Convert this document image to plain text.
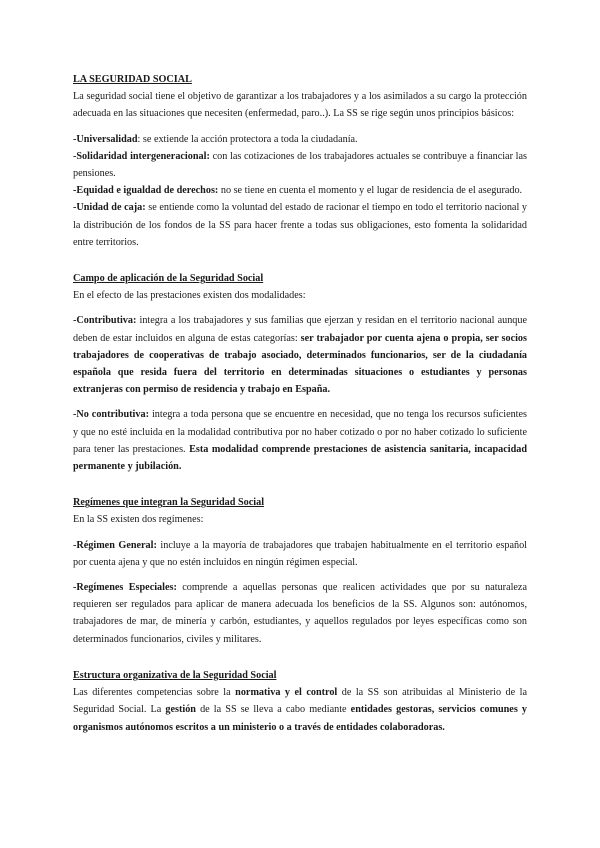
LA SEGURIDAD SOCIAL

La seguridad social tiene el objetivo de garantizar a los trabajadores y a los asimilados a su cargo la protección adecuada en las situaciones que necesiten (enfermedad, paro..). La SS se rige según unos principios básicos:

-Universalidad: se extiende la acción protectora a toda la ciudadanía.

-Solidaridad intergeneracional: con las cotizaciones de los trabajadores actuales se contribuye a financiar las pensiones.

-Equidad e igualdad de derechos: no se tiene en cuenta el momento y el lugar de residencia de el asegurado.

-Unidad de caja: se entiende como la voluntad del estado de racionar el tiempo en todo el territorio nacional y la distribución de los fondos de la SS para hacer frente a todas sus obligaciones, esto fomenta la solidaridad entre territorios.

Campo de aplicación de la Seguridad Social

En el efecto de las prestaciones existen dos modalidades:

-Contributiva: integra a los trabajadores y sus familias que ejerzan y residan en el territorio nacional aunque deben de estar incluidos en alguna de estas categorías: ser trabajador por cuenta ajena o propia, ser socios trabajadores de cooperativas de trabajo asociado, determinados funcionarios, ser de la ciudadanía española que resida fuera del territorio en determinadas situaciones o estudiantes y personas extranjeras con permiso de residencia y trabajo en España.

-No contributiva: integra a toda persona que se encuentre en necesidad, que no tenga los recursos suficientes y que no esté incluida en la modalidad contributiva por no haber cotizado o por no haber cotizado lo suficiente para tener las prestaciones. Esta modalidad comprende prestaciones de asistencia sanitaria, incapacidad permanente y jubilación.

Regímenes que integran la Seguridad Social

En la SS existen dos regímenes:

-Régimen General: incluye a la mayoría de trabajadores que trabajen habitualmente en el territorio español por cuenta ajena y que no estén incluidos en ningún régimen especial.

-Regímenes Especiales: comprende a aquellas personas que realicen actividades que por su naturaleza requieren ser regulados para aplicar de manera adecuada los beneficios de la SS. Algunos son: autónomos, trabajadores de mar, de minería y carbón, estudiantes, y aquellos regulados por leyes específicas como son determinados funcionarios, civiles y militares.

Estructura organizativa de la Seguridad Social

Las diferentes competencias sobre la normativa y el control de la SS son atribuidas al Ministerio de la Seguridad Social. La gestión de la SS se lleva a cabo mediante entidades gestoras, servicios comunes y organismos autónomos escritos a un ministerio o a través de entidades colaboradoras.
